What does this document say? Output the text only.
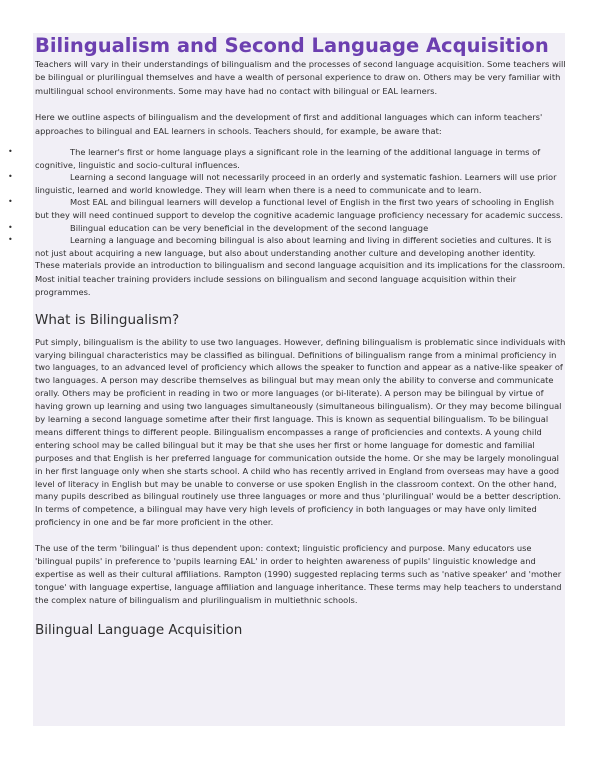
Bilingualism and Second Language Acquisition

Teachers will vary in their understandings of bilingualism and the processes of second language acquisition. Some teachers will be bilingual or plurilingual themselves and have a wealth of personal experience to draw on. Others may be very familiar with multilingual school environments. Some may have had no contact with bilingual or EAL learners.

Here we outline aspects of bilingualism and the development of first and additional languages which can inform teachers' approaches to bilingual and EAL learners in schools. Teachers should, for example, be aware that:

•	The learner's first or home language plays a significant role in the learning of the additional language in terms of cognitive, linguistic and socio-cultural influences.
•	Learning a second language will not necessarily proceed in an orderly and systematic fashion. Learners will use prior linguistic, learned and world knowledge. They will learn when there is a need to communicate and to learn.
•	Most EAL and bilingual learners will develop a functional level of English in the first two years of schooling in English but they will need continued support to develop the cognitive academic language proficiency necessary for academic success.
•	Bilingual education can be very beneficial in the development of the second language
•	Learning a language and becoming bilingual is also about learning and living in different societies and cultures. It is not just about acquiring a new language, but also about understanding another culture and developing another identity.

These materials provide an introduction to bilingualism and second language acquisition and its implications for the classroom. Most initial teacher training providers include sessions on bilingualism and second language acquisition within their programmes.

What is Bilingualism?

Put simply, bilingualism is the ability to use two languages. However, defining bilingualism is problematic since individuals with varying bilingual characteristics may be classified as bilingual. Definitions of bilingualism range from a minimal proficiency in two languages, to an advanced level of proficiency which allows the speaker to function and appear as a native-like speaker of two languages. A person may describe themselves as bilingual but may mean only the ability to converse and communicate orally. Others may be proficient in reading in two or more languages (or bi-literate). A person may be bilingual by virtue of having grown up learning and using two languages simultaneously (simultaneous bilingualism). Or they may become bilingual by learning a second language sometime after their first language. This is known as sequential bilingualism. To be bilingual means different things to different people. Bilingualism encompasses a range of proficiencies and contexts. A young child entering school may be called bilingual but it may be that she uses her first or home language for domestic and familial purposes and that English is her preferred language for communication outside the home. Or she may be largely monolingual in her first language only when she starts school. A child who has recently arrived in England from overseas may have a good level of literacy in English but may be unable to converse or use spoken English in the classroom context. On the other hand, many pupils described as bilingual routinely use three languages or more and thus 'plurilingual' would be a better description. In terms of competence, a bilingual may have very high levels of proficiency in both languages or may have only limited proficiency in one and be far more proficient in the other.

The use of the term 'bilingual' is thus dependent upon: context; linguistic proficiency and purpose. Many educators use 'bilingual pupils' in preference to 'pupils learning EAL' in order to heighten awareness of pupils' linguistic knowledge and expertise as well as their cultural affiliations. Rampton (1990) suggested replacing terms such as 'native speaker' and 'mother tongue' with language expertise, language affiliation and language inheritance. These terms may help teachers to understand the complex nature of bilingualism and plurilingualism in multiethnic schools.

Bilingual Language Acquisition
